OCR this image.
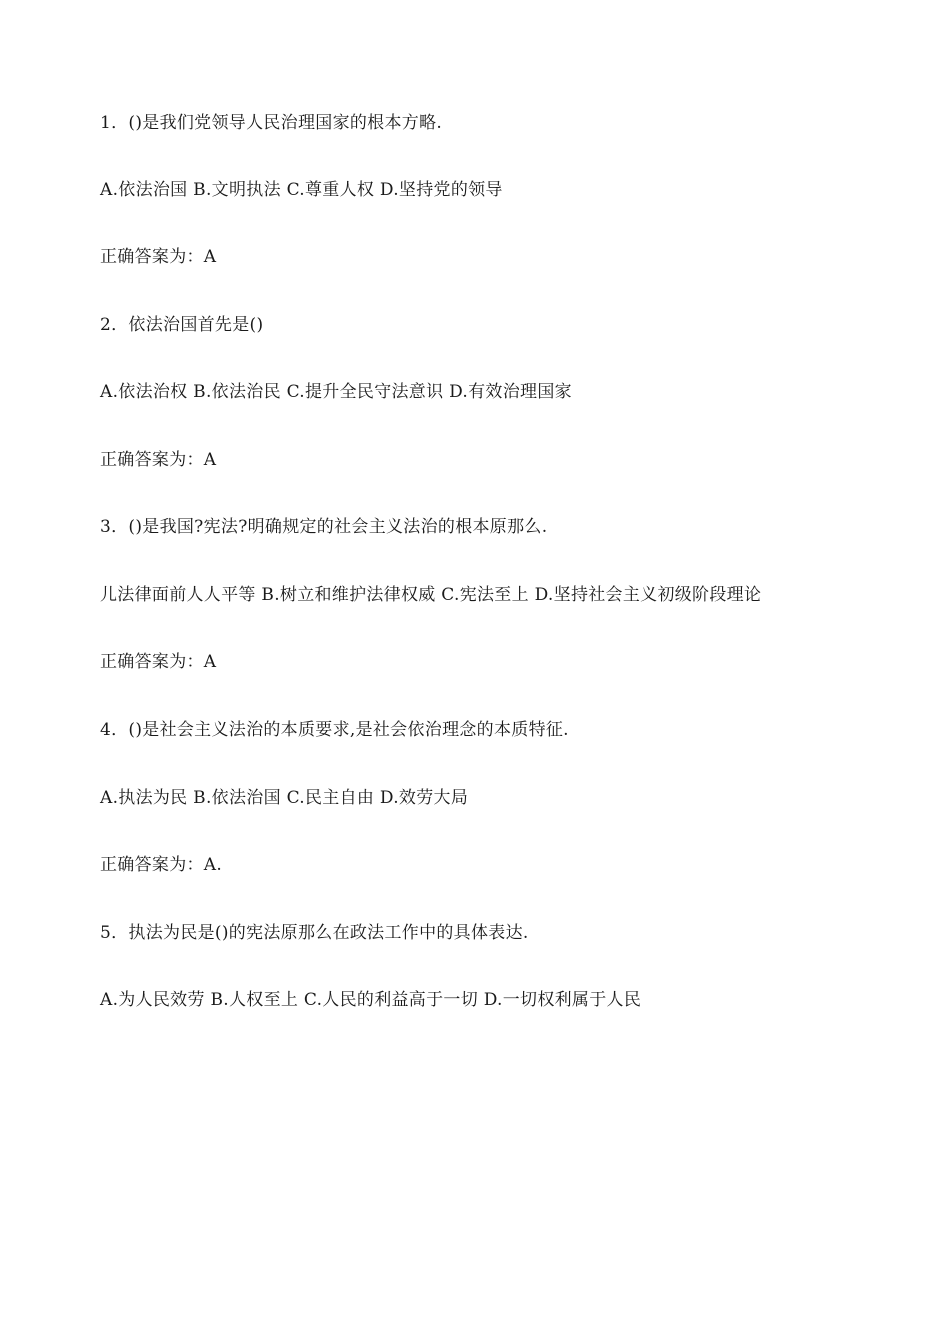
1．()是我们党领导人民治理国家的根本方略.
A.依法治国 B.文明执法 C.尊重人权 D.坚持党的领导
正确答案为：A
2．依法治国首先是()
A.依法治权 B.依法治民 C.提升全民守法意识 D.有效治理国家
正确答案为：A
3．()是我国?宪法?明确规定的社会主义法治的根本原那么.
儿法律面前人人平等 B.树立和维护法律权威 C.宪法至上 D.坚持社会主义初级阶段理论
正确答案为：A
4．()是社会主义法治的本质要求,是社会依治理念的本质特征.
A.执法为民 B.依法治国 C.民主自由 D.效劳大局
正确答案为：A.
5．执法为民是()的宪法原那么在政法工作中的具体表达.
A.为人民效劳 B.人权至上 C.人民的利益高于一切 D.一切权利属于人民
